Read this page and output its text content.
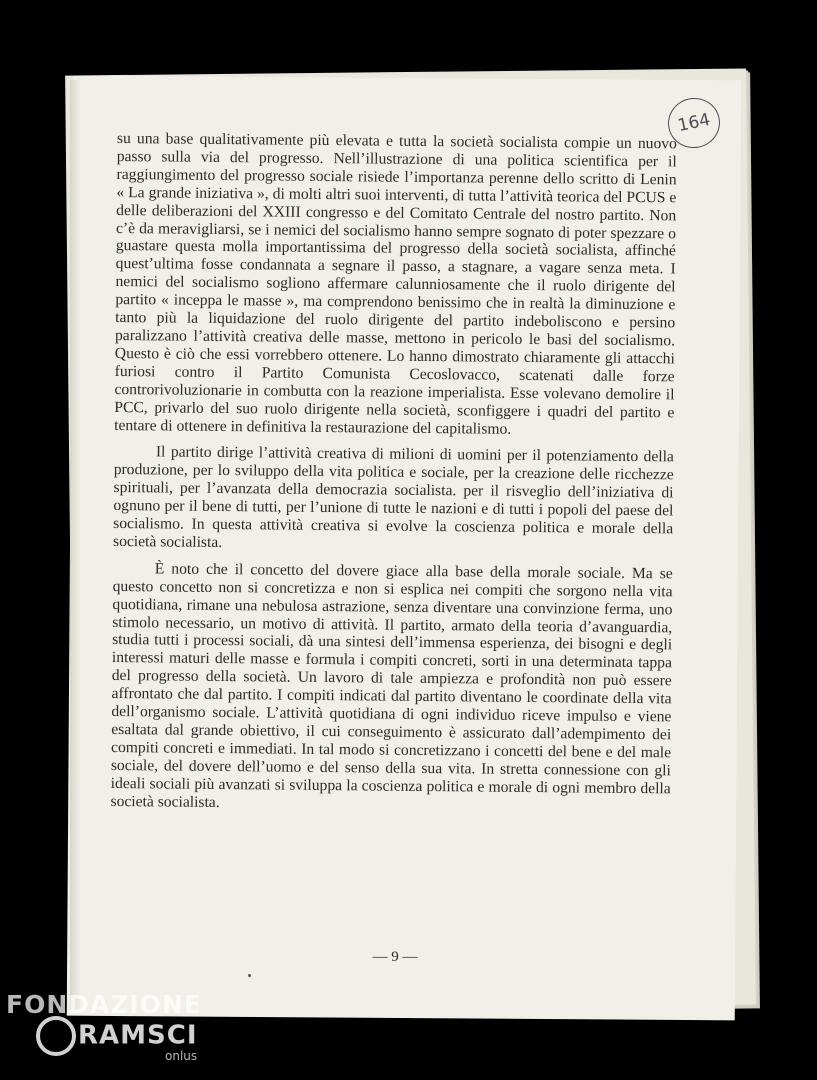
164

su una base qualitativamente più elevata e tutta la società socialista compie un nuovo passo sulla via del progresso. Nell’illustrazione di una politica scientifica per il raggiungimento del progresso sociale risiede l’importanza perenne dello scritto di Lenin « La grande iniziativa », di molti altri suoi interventi, di tutta l’attività teorica del PCUS e delle deliberazioni del XXIII congresso e del Comitato Centrale del nostro partito. Non c’è da meravigliarsi, se i nemici del socialismo hanno sempre sognato di poter spezzare o guastare questa molla importantissima del progresso della società socialista, affinché quest’ultima fosse condannata a segnare il passo, a stagnare, a vagare senza meta. I nemici del socialismo sogliono affermare calunniosamente che il ruolo dirigente del partito « inceppa le masse », ma comprendono benissimo che in realtà la diminuzione e tanto più la liquidazione del ruolo dirigente del partito indeboliscono e persino paralizzano l’attività creativa delle masse, mettono in pericolo le basi del socialismo. Questo è ciò che essi vorrebbero ottenere. Lo hanno dimostrato chiaramente gli attacchi furiosi contro il Partito Comunista Cecoslovacco, scatenati dalle forze controrivoluzionarie in combutta con la reazione imperialista. Esse volevano demolire il PCC, privarlo del suo ruolo dirigente nella società, sconfiggere i quadri del partito e tentare di ottenere in definitiva la restaurazione del capitalismo.

Il partito dirige l’attività creativa di milioni di uomini per il potenziamento della produzione, per lo sviluppo della vita politica e sociale, per la creazione delle ricchezze spirituali, per l’avanzata della democrazia socialista. per il risveglio dell’iniziativa di ognuno per il bene di tutti, per l’unione di tutte le nazioni e di tutti i popoli del paese del socialismo. In questa attività creativa si evolve la coscienza politica e morale della società socialista.

È noto che il concetto del dovere giace alla base della morale sociale. Ma se questo concetto non si concretizza e non si esplica nei compiti che sorgono nella vita quotidiana, rimane una nebulosa astrazione, senza diventare una convinzione ferma, uno stimolo necessario, un motivo di attività. Il partito, armato della teoria d’avanguardia, studia tutti i processi sociali, dà una sintesi dell’immensa esperienza, dei bisogni e degli interessi maturi delle masse e formula i compiti concreti, sorti in una determinata tappa del progresso della società. Un lavoro di tale ampiezza e profondità non può essere affrontato che dal partito. I compiti indicati dal partito diventano le coordinate della vita dell’organismo sociale. L’attività quotidiana di ogni individuo riceve impulso e viene esaltata dal grande obiettivo, il cui conseguimento è assicurato dall’adempimento dei compiti concreti e immediati. In tal modo si concretizzano i concetti del bene e del male sociale, del dovere dell’uomo e del senso della sua vita. In stretta connessione con gli ideali sociali più avanzati si sviluppa la coscienza politica e morale di ogni membro della società socialista.

— 9 —
FONDAZIONE
RAMSCI
onlus
